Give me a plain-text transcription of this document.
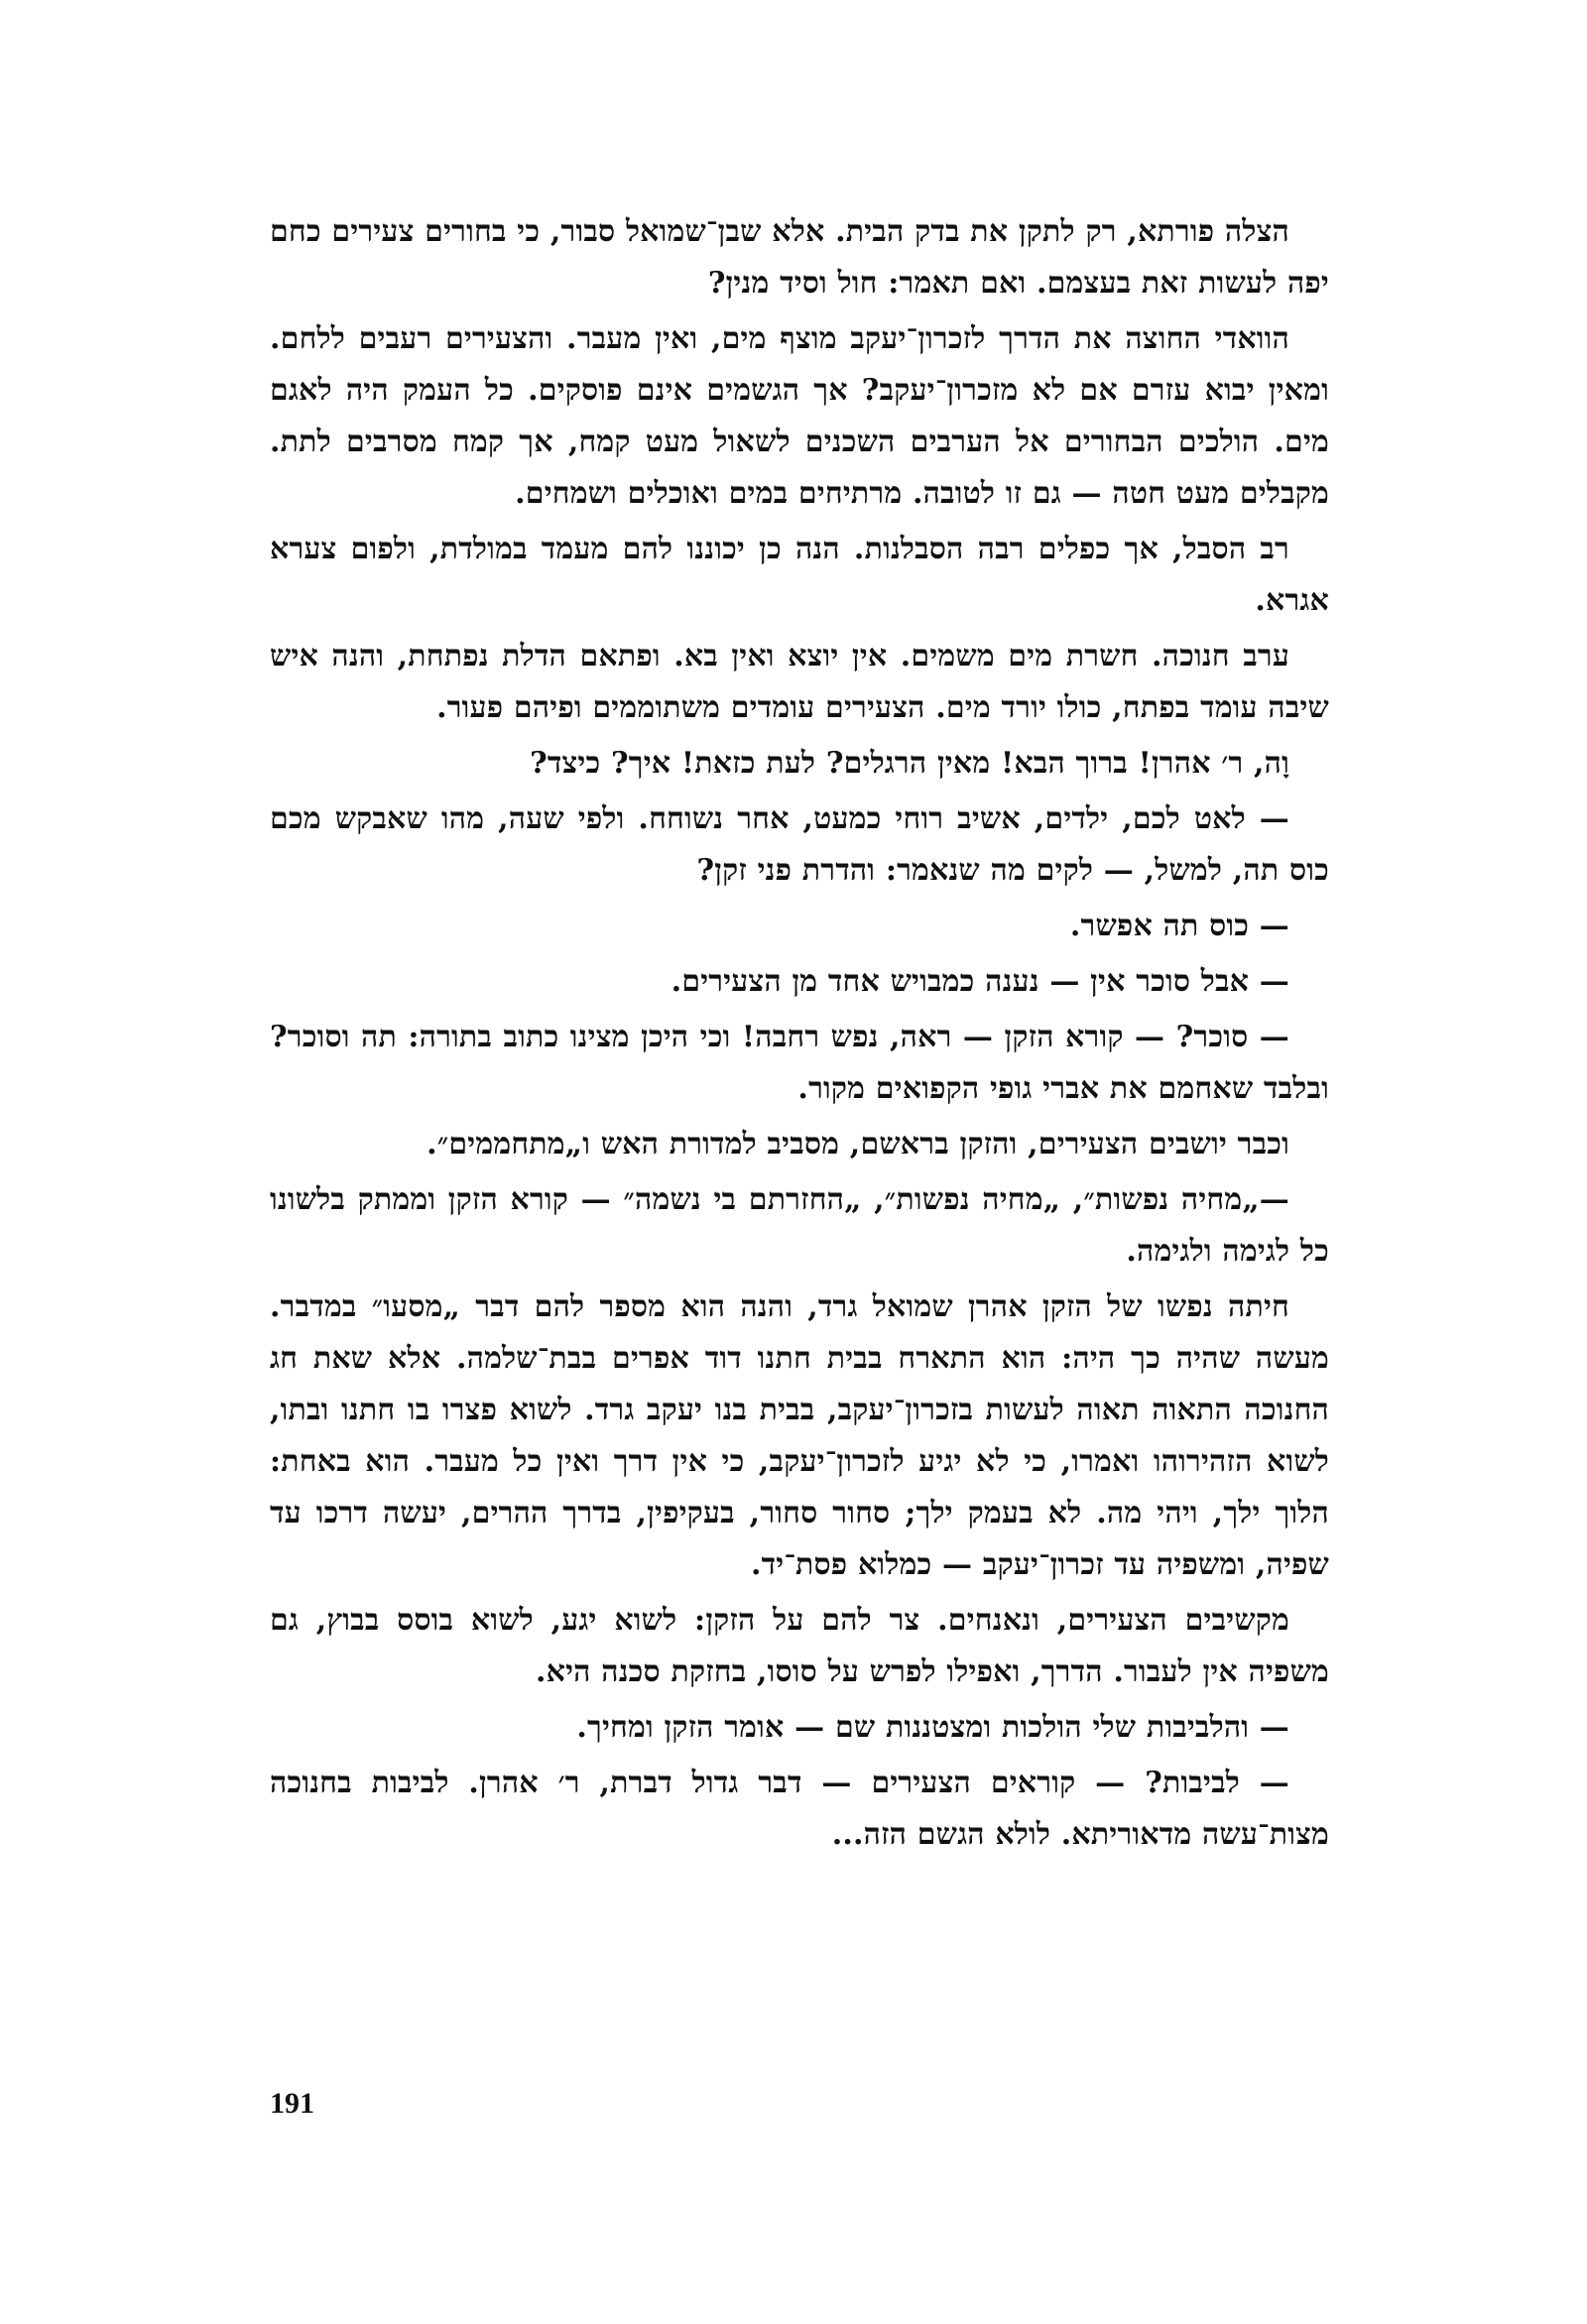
הצלה פורתא, רק לתקן את בדק הבית. אלא שבן־שמואל סבור, כי בחורים צעירים כחם יפה לעשות זאת בעצמם. ואם תאמר: חול וסיד מנין?

הוואדי החוצה את הדרך לזכרון־יעקב מוצף מים, ואין מעבר. והצעירים רעבים ללחם. ומאין יבוא עזרם אם לא מזכרון־יעקב? אך הגשמים אינם פוסקים. כל העמק היה לאגם מים. הולכים הבחורים אל הערבים השכנים לשאול מעט קמח, אך קמח מסרבים לתת. מקבלים מעט חטה — גם זו לטובה. מרתיחים במים ואוכלים ושמחים.

רב הסבל, אך כפלים רבה הסבלנות. הנה כן יכוננו להם מעמד במולדת, ולפום צערא אגרא.

ערב חנוכה. חשרת מים משמים. אין יוצא ואין בא. ופתאם הדלת נפתחת, והנה איש שיבה עומד בפתח, כולו יורד מים. הצעירים עומדים משתוממים ופיהם פעור.

וָה, ר׳ אהרן! ברוך הבא! מאין הרגלים? לעת כזאת! איך? כיצד?

— לאט לכם, ילדים, אשיב רוחי כמעט, אחר נשוחח. ולפי שעה, מהו שאבקש מכם כוס תה, למשל, — לקים מה שנאמר: והדרת פני זקן?

— כוס תה אפשר.

— אבל סוכר אין — נענה כמבויש אחד מן הצעירים.

— סוכר? — קורא הזקן — ראה, נפש רחבה! וכי היכן מצינו כתוב בתורה: תה וסוכר? ובלבד שאחמם את אברי גופי הקפואים מקור.

וכבר יושבים הצעירים, והזקן בראשם, מסביב למדורת האש ו„מתחממים״.

—„מחיה נפשות״, „מחיה נפשות״, „החזרתם בי נשמה״ — קורא הזקן וממתק בלשונו כל לגימה ולגימה.

חיתה נפשו של הזקן אהרן שמואל גרד, והנה הוא מספר להם דבר „מסעו״ במדבר. מעשה שהיה כך היה: הוא התארח בבית חתנו דוד אפרים בבת־שלמה. אלא שאת חג החנוכה התאוה תאוה לעשות בזכרון־יעקב, בבית בנו יעקב גרד. לשוא פצרו בו חתנו ובתו, לשוא הזהירוהו ואמרו, כי לא יגיע לזכרון־יעקב, כי אין דרך ואין כל מעבר. הוא באחת: הלוך ילך, ויהי מה. לא בעמק ילך; סחור סחור, בעקיפין, בדרך ההרים, יעשה דרכו עד שפיה, ומשפיה עד זכרון־יעקב — כמלוא פסת־יד.

מקשיבים הצעירים, ונאנחים. צר להם על הזקן: לשוא יגע, לשוא בוסס בבוץ, גם משפיה אין לעבור. הדרך, ואפילו לפרש על סוסו, בחזקת סכנה היא.

— והלביבות שלי הולכות ומצטננות שם — אומר הזקן ומחיך.

— לביבות? — קוראים הצעירים — דבר גדול דברת, ר׳ אהרן. לביבות בחנוכה מצות־עשה מדאוריתא. לולא הגשם הזה...

191
